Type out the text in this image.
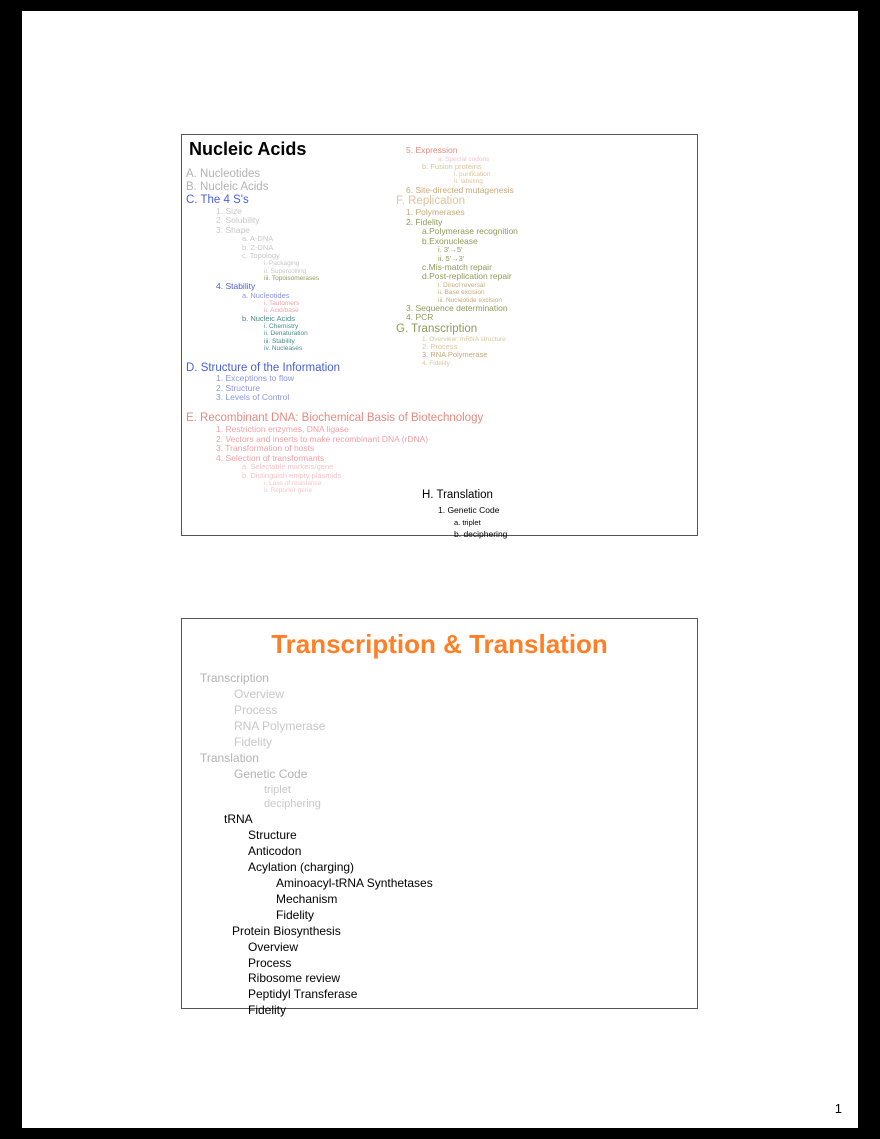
Nucleic Acids
A. Nucleotides
B. Nucleic Acids
C. The 4 S's
1. Size
2. Solubility
3. Shape
a. A-DNA
b. Z-DNA
c. Topology
i. Packaging
ii. Supercoiling
iii. Topoisomerases
4. Stability
a. Nucleotides
i. Tautomers
ii. Acid/base
b. Nucleic Acids
i. Chemistry
ii. Denaturation
iii. Stability
iv. Nucleases

D. Structure of the Information
1. Exceptions to flow
2. Structure
3. Levels of Control

E. Recombinant DNA: Biochemical Basis of Biotechnology
1. Restriction enzymes, DNA ligase
2. Vectors and inserts to make recombinant DNA (rDNA)
3. Transformation of hosts
4. Selection of transformants
a. Selectable markers/gene
b. Distinguish empty plasmids
i. Loss of resistance
ii. Reporter gene
5. Expression
a. Special codons
b. Fusion proteins
i. purification
ii. labeling
6. Site-directed mutagenesis
F. Replication
1. Polymerases
2. Fidelity
a.Polymerase recognition
b.Exonuclease
i. 3'→5'
ii. 5'→3'
c.Mis-match repair
d.Post-replication repair
i. Direct reversal
ii. Base excision
iii. Nucleotide excision
3. Sequence determination
4. PCR
G. Transcription
1. Overview: mRNA structure
2. Process
3. RNA Polymerase
4. Fidelity
H. Translation
1. Genetic Code
a. triplet
b. deciphering
Transcription & Translation
Transcription
Overview
Process
RNA Polymerase
Fidelity
Translation
Genetic Code
triplet
deciphering
tRNA
Structure
Anticodon
Acylation (charging)
Aminoacyl-tRNA Synthetases
Mechanism
Fidelity
Protein Biosynthesis
Overview
Process
Ribosome review
Peptidyl Transferase
Fidelity
1
